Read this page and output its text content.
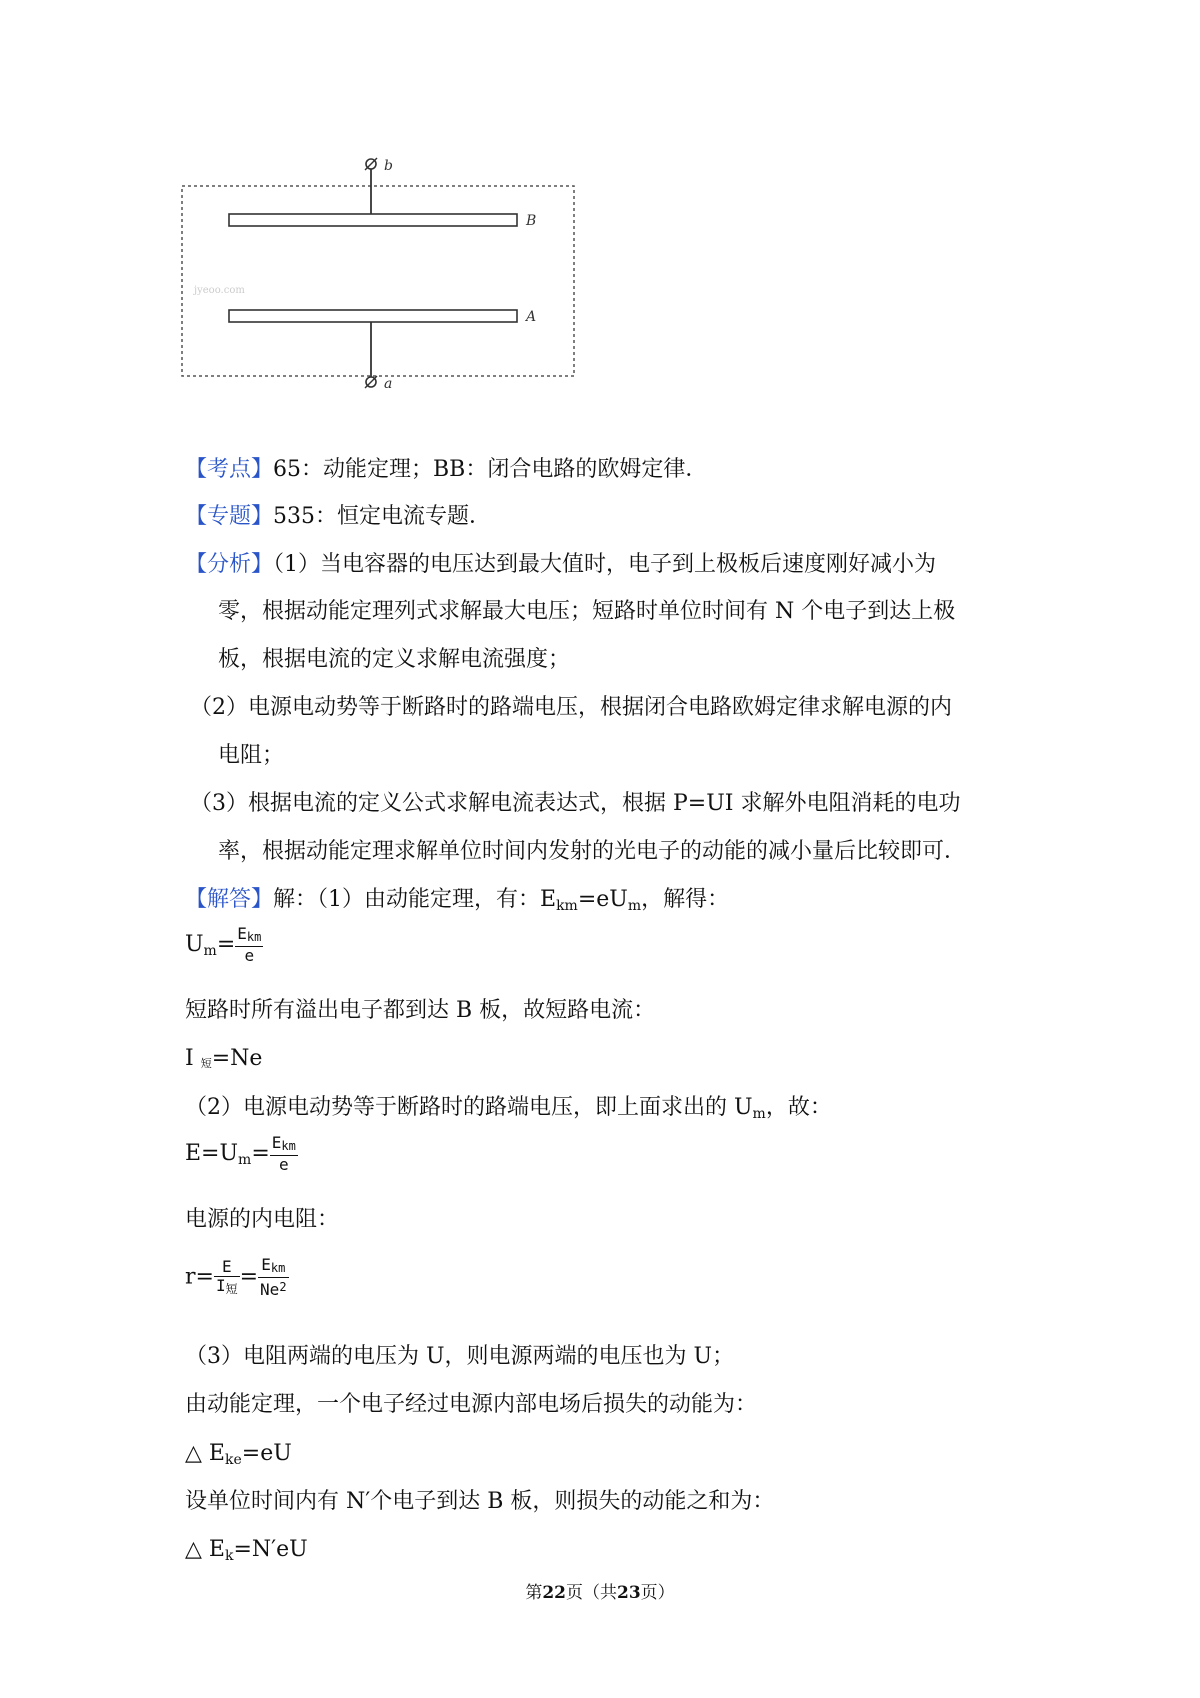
b
B
jyeoo.com
A
a
【考点】65：动能定理；BB：闭合电路的欧姆定律．
【专题】535：恒定电流专题．
【分析】（1）当电容器的电压达到最大值时，电子到上极板后速度刚好减小为
零，根据动能定理列式求解最大电压；短路时单位时间有 N 个电子到达上极
板，根据电流的定义求解电流强度；
（2）电源电动势等于断路时的路端电压，根据闭合电路欧姆定律求解电源的内
电阻；
（3）根据电流的定义公式求解电流表达式，根据 P=UI 求解外电阻消耗的电功
率，根据动能定理求解单位时间内发射的光电子的动能的减小量后比较即可．
【解答】解：（1）由动能定理，有：$E_{km}=eU_m$，解得：
$U_m= \frac{E_{km}}{e}$
短路时所有溢出电子都到达 B 板，故短路电流：
I 短=Ne
（2）电源电动势等于断路时的路端电压，即上面求出的 $U_m$，故：
$E=U_m= \frac{E_{km}}{e}$
电源的内电阻：
$r= \frac{E}{I_短} = \frac{E_{km}}{Ne^2}$
（3）电阻两端的电压为 U，则电源两端的电压也为 U；
由动能定理，一个电子经过电源内部电场后损失的动能为：
△ $E_{ke}=eU$
设单位时间内有 N′个电子到达 B 板，则损失的动能之和为：
△ $E_k=N'eU$
第22页（共23页）
